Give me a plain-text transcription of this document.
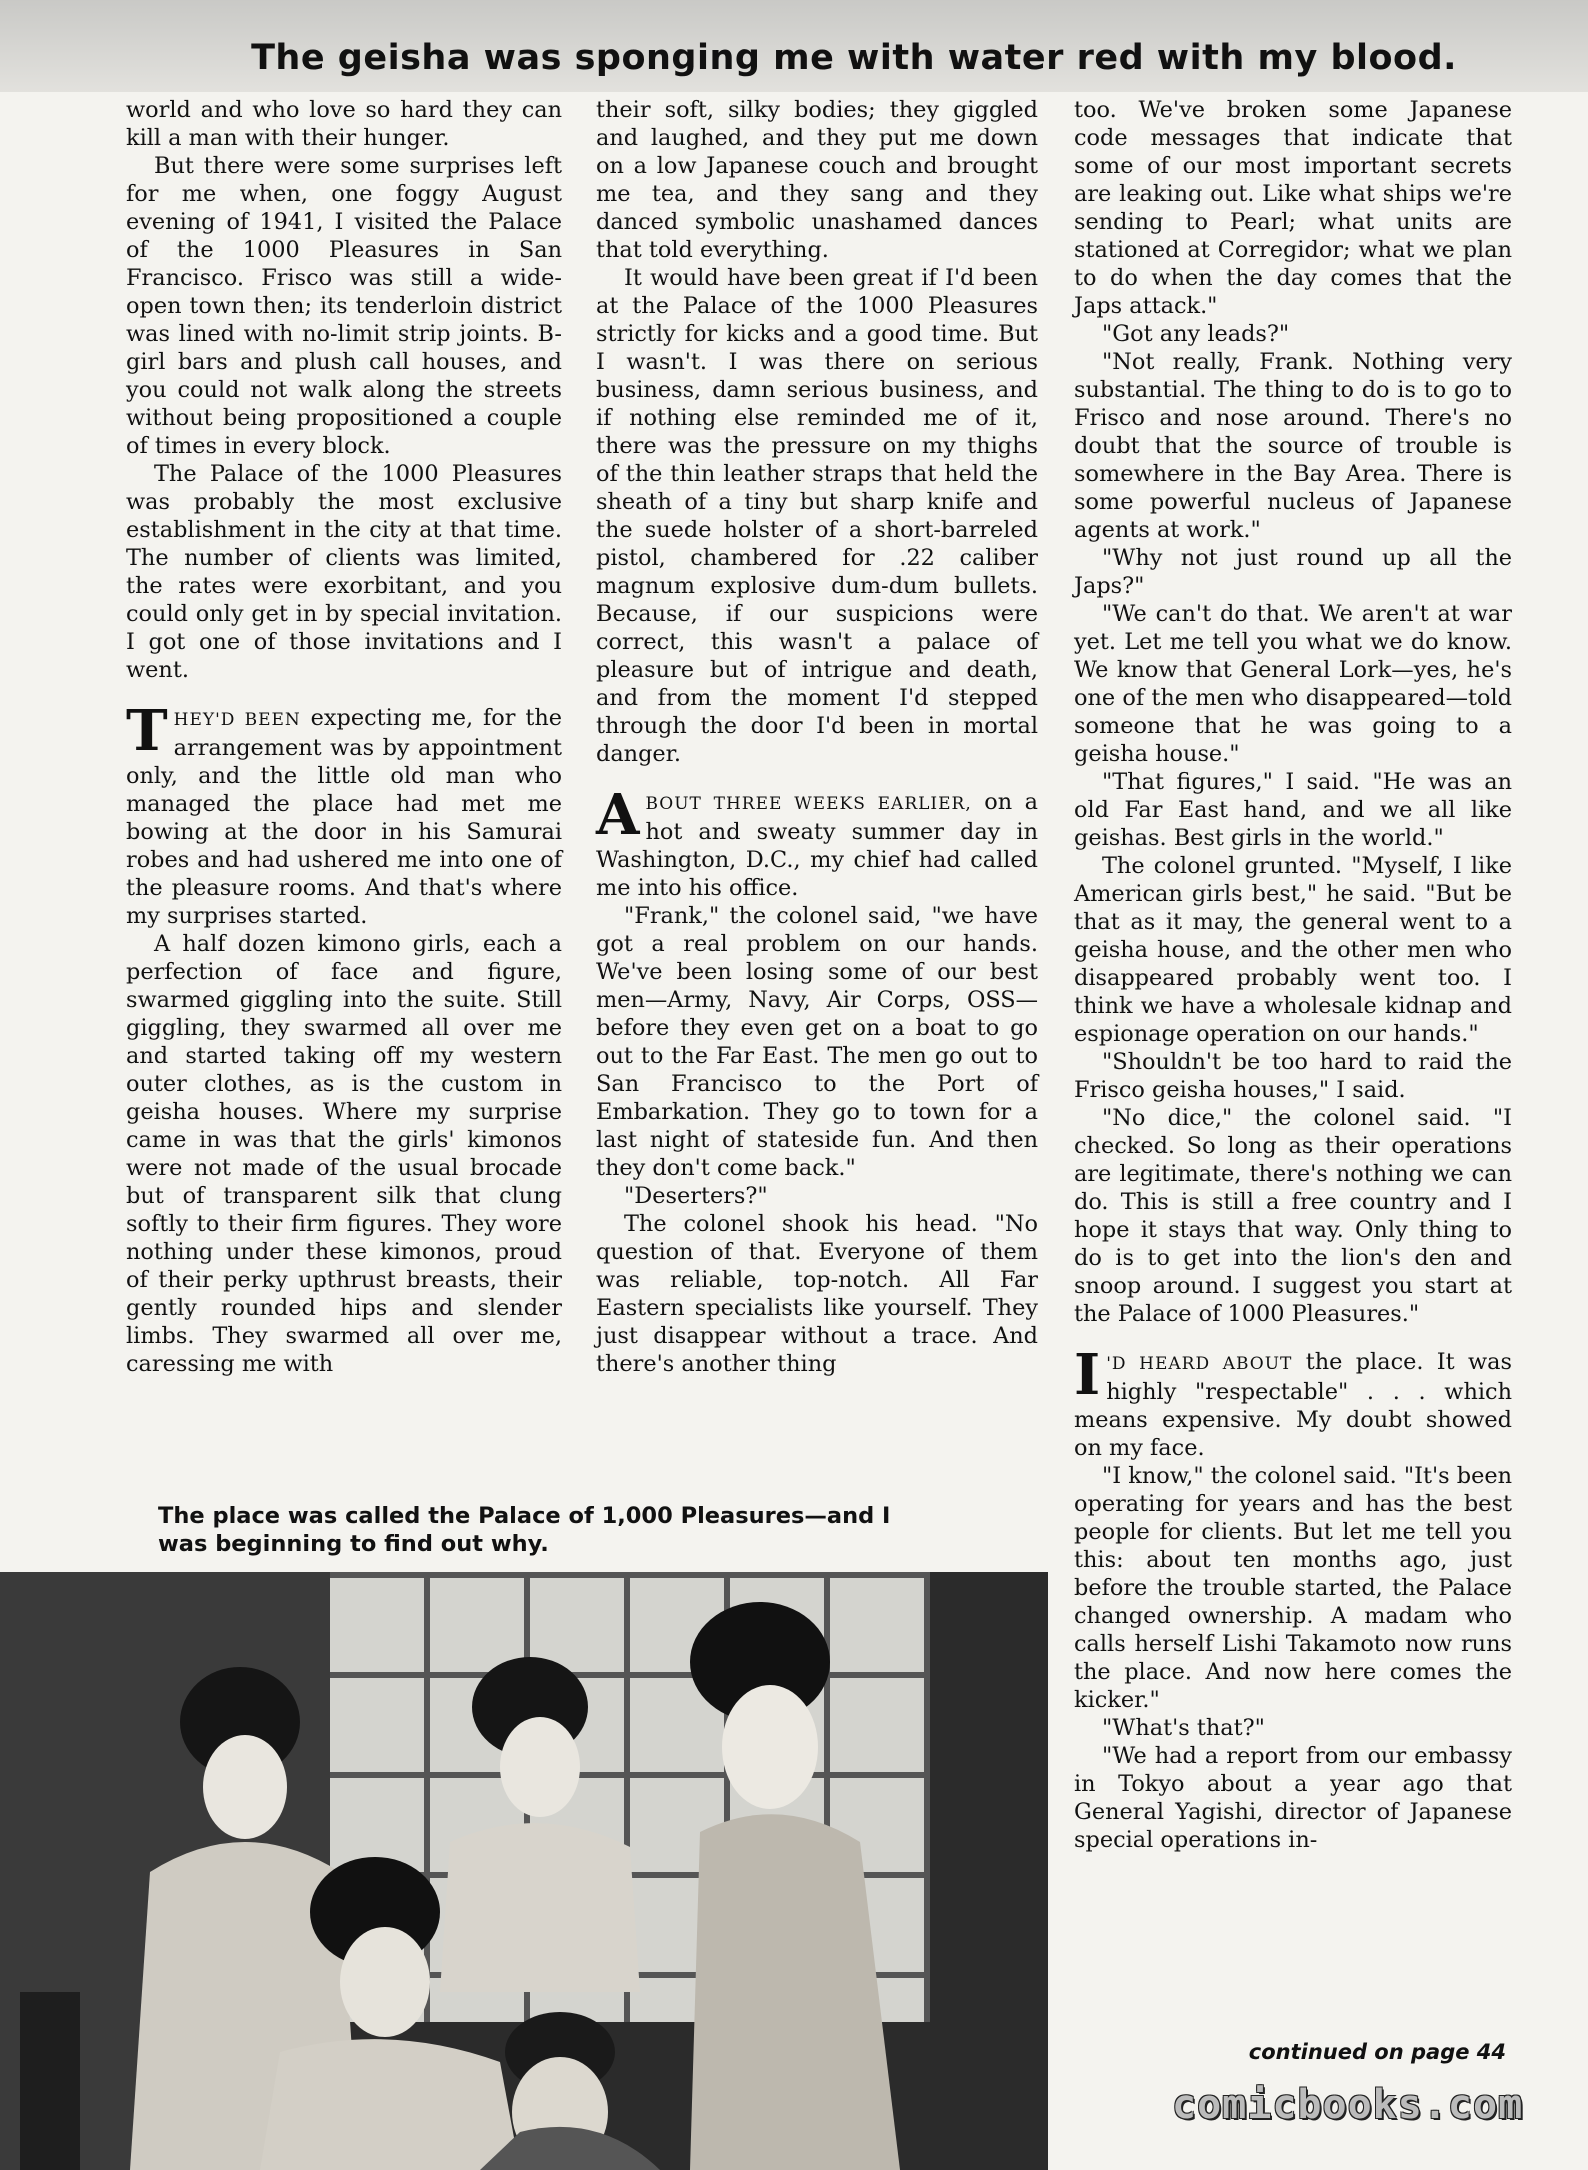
The geisha was sponging me with water red with my blood.

world and who love so hard they can kill a man with their hunger.

But there were some surprises left for me when, one foggy August evening of 1941, I visited the Palace of the 1000 Pleasures in San Francisco. Frisco was still a wide-open town then; its tenderloin district was lined with no-limit strip joints. B-girl bars and plush call houses, and you could not walk along the streets without being propositioned a couple of times in every block.

The Palace of the 1000 Pleasures was probably the most exclusive establishment in the city at that time. The number of clients was limited, the rates were exorbitant, and you could only get in by special invitation. I got one of those invitations and I went.

THEY'D BEEN expecting me, for the arrangement was by appointment only, and the little old man who managed the place had met me bowing at the door in his Samurai robes and had ushered me into one of the pleasure rooms. And that's where my surprises started.

A half dozen kimono girls, each a perfection of face and figure, swarmed giggling into the suite. Still giggling, they swarmed all over me and started taking off my western outer clothes, as is the custom in geisha houses. Where my surprise came in was that the girls' kimonos were not made of the usual brocade but of transparent silk that clung softly to their firm figures. They wore nothing under these kimonos, proud of their perky upthrust breasts, their gently rounded hips and slender limbs. They swarmed all over me, caressing me with

their soft, silky bodies; they giggled and laughed, and they put me down on a low Japanese couch and brought me tea, and they sang and they danced symbolic unashamed dances that told everything.

It would have been great if I'd been at the Palace of the 1000 Pleasures strictly for kicks and a good time. But I wasn't. I was there on serious business, damn serious business, and if nothing else reminded me of it, there was the pressure on my thighs of the thin leather straps that held the sheath of a tiny but sharp knife and the suede holster of a short-barreled pistol, chambered for .22 caliber magnum explosive dum-dum bullets. Because, if our suspicions were correct, this wasn't a palace of pleasure but of intrigue and death, and from the moment I'd stepped through the door I'd been in mortal danger.

ABOUT THREE WEEKS EARLIER, on a hot and sweaty summer day in Washington, D.C., my chief had called me into his office.

"Frank," the colonel said, "we have got a real problem on our hands. We've been losing some of our best men—Army, Navy, Air Corps, OSS—before they even get on a boat to go out to the Far East. The men go out to San Francisco to the Port of Embarkation. They go to town for a last night of stateside fun. And then they don't come back."

"Deserters?"

The colonel shook his head. "No question of that. Everyone of them was reliable, top-notch. All Far Eastern specialists like yourself. They just disappear without a trace. And there's another thing

too. We've broken some Japanese code messages that indicate that some of our most important secrets are leaking out. Like what ships we're sending to Pearl; what units are stationed at Corregidor; what we plan to do when the day comes that the Japs attack."

"Got any leads?"

"Not really, Frank. Nothing very substantial. The thing to do is to go to Frisco and nose around. There's no doubt that the source of trouble is somewhere in the Bay Area. There is some powerful nucleus of Japanese agents at work."

"Why not just round up all the Japs?"

"We can't do that. We aren't at war yet. Let me tell you what we do know. We know that General Lork—yes, he's one of the men who disappeared—told someone that he was going to a geisha house."

"That figures," I said. "He was an old Far East hand, and we all like geishas. Best girls in the world."

The colonel grunted. "Myself, I like American girls best," he said. "But be that as it may, the general went to a geisha house, and the other men who disappeared probably went too. I think we have a wholesale kidnap and espionage operation on our hands."

"Shouldn't be too hard to raid the Frisco geisha houses," I said.

"No dice," the colonel said. "I checked. So long as their operations are legitimate, there's nothing we can do. This is still a free country and I hope it stays that way. Only thing to do is to get into the lion's den and snoop around. I suggest you start at the Palace of 1000 Pleasures."

I 'D HEARD ABOUT the place. It was highly "respectable" . . . which means expensive. My doubt showed on my face.

"I know," the colonel said. "It's been operating for years and has the best people for clients. But let me tell you this: about ten months ago, just before the trouble started, the Palace changed ownership. A madam who calls herself Lishi Takamoto now runs the place. And now here comes the kicker."

"What's that?"

"We had a report from our embassy in Tokyo about a year ago that General Yagishi, director of Japanese special operations in-

The place was called the Palace of 1,000 Pleasures—and I
was beginning to find out why.
continued on page 44
comicbooks.com
